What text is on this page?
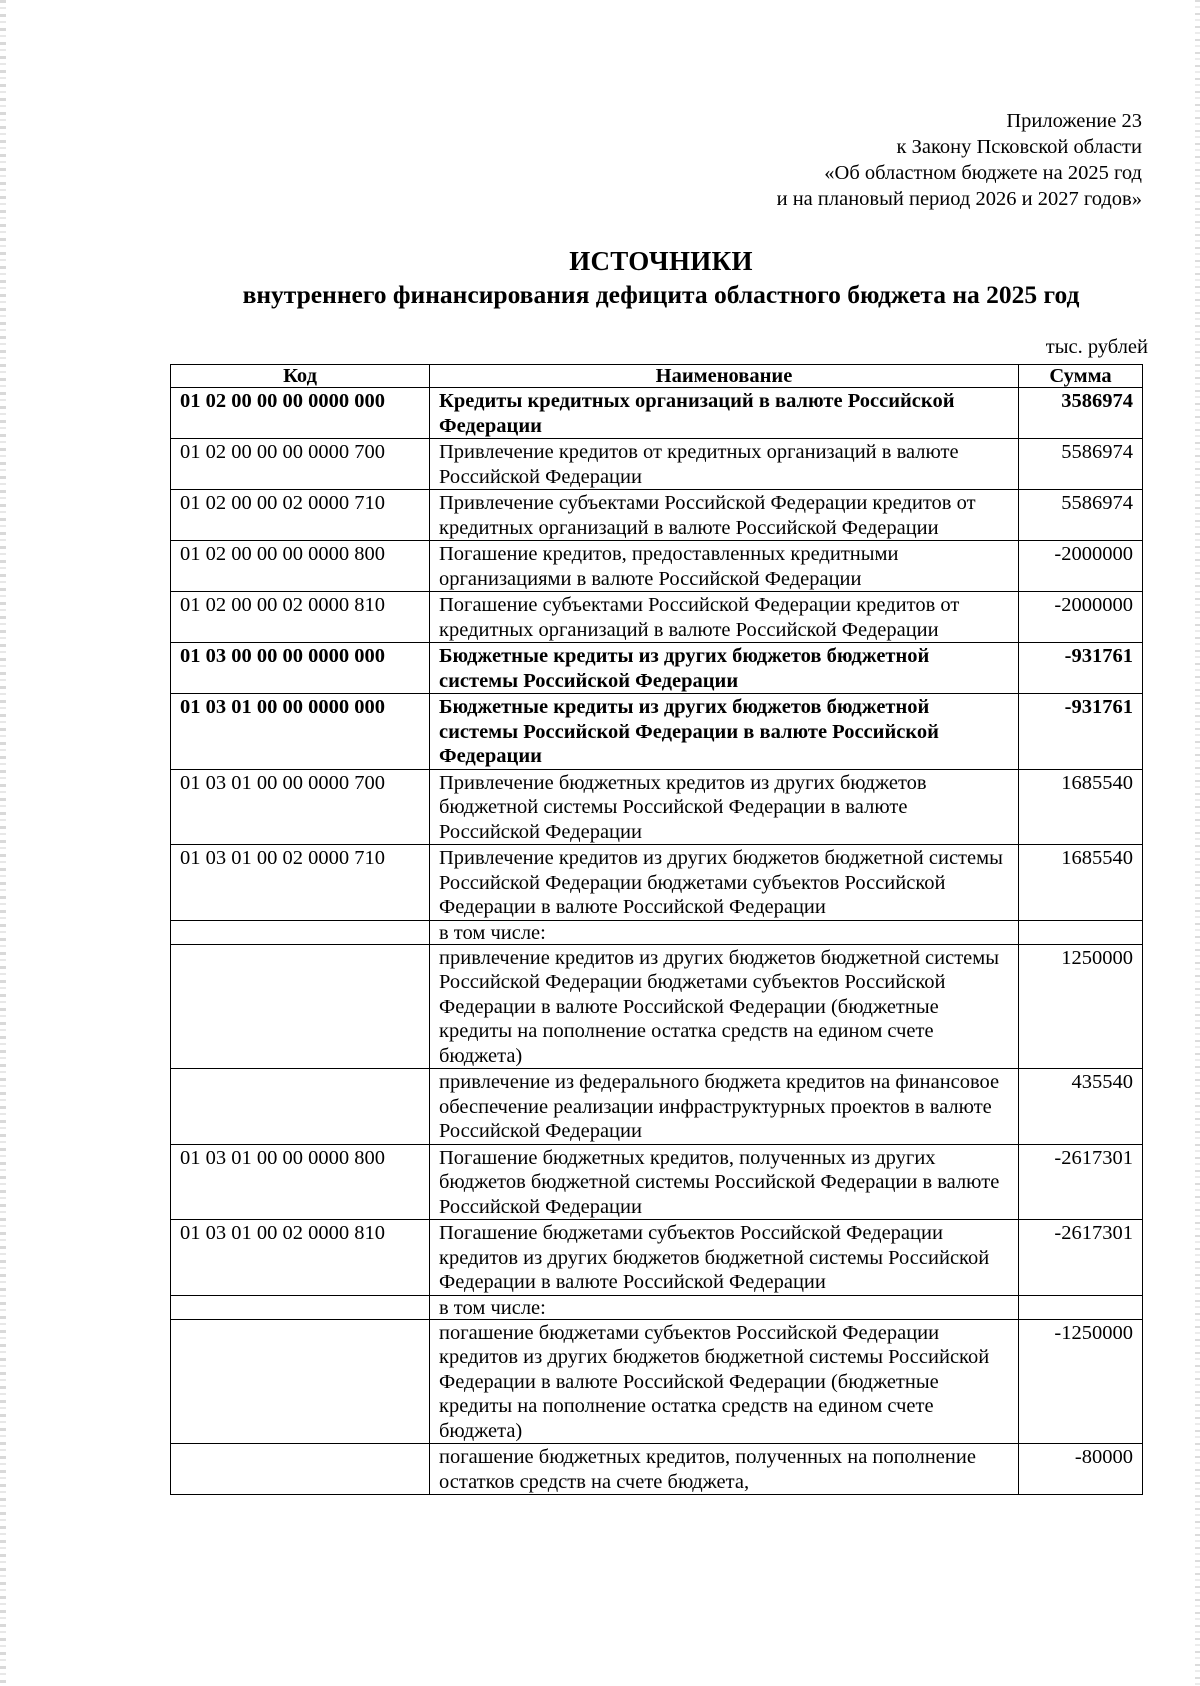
Приложение 23
к Закону Псковской области
«Об областном бюджете на 2025 год
и на плановый период 2026 и 2027 годов»
ИСТОЧНИКИ
внутреннего финансирования дефицита областного бюджета на 2025 год
тыс. рублей
Код	Наименование	Сумма
01 02 00 00 00 0000 000	Кредиты кредитных организаций в валюте Российской Федерации	3586974
01 02 00 00 00 0000 700	Привлечение кредитов от кредитных организаций в валюте Российской Федерации	5586974
01 02 00 00 02 0000 710	Привлечение субъектами Российской Федерации кредитов от кредитных организаций в валюте Российской Федерации	5586974
01 02 00 00 00 0000 800	Погашение кредитов, предоставленных кредитными организациями в валюте Российской Федерации	-2000000
01 02 00 00 02 0000 810	Погашение субъектами Российской Федерации кредитов от кредитных организаций в валюте Российской Федерации	-2000000
01 03 00 00 00 0000 000	Бюджетные кредиты из других бюджетов бюджетной системы Российской Федерации	-931761
01 03 01 00 00 0000 000	Бюджетные кредиты из других бюджетов бюджетной системы Российской Федерации в валюте Российской Федерации	-931761
01 03 01 00 00 0000 700	Привлечение бюджетных кредитов из других бюджетов бюджетной системы Российской Федерации в валюте Российской Федерации	1685540
01 03 01 00 02 0000 710	Привлечение кредитов из других бюджетов бюджетной системы Российской Федерации бюджетами субъектов Российской Федерации в валюте Российской Федерации	1685540
	в том числе:	
	привлечение кредитов из других бюджетов бюджетной системы Российской Федерации бюджетами субъектов Российской Федерации в валюте Российской Федерации (бюджетные кредиты на пополнение остатка средств на едином счете бюджета)	1250000
	привлечение из федерального бюджета кредитов на финансовое обеспечение реализации инфраструктурных проектов в валюте Российской Федерации	435540
01 03 01 00 00 0000 800	Погашение бюджетных кредитов, полученных из других бюджетов бюджетной системы Российской Федерации в валюте Российской Федерации	-2617301
01 03 01 00 02 0000 810	Погашение бюджетами субъектов Российской Федерации кредитов из других бюджетов бюджетной системы Российской Федерации в валюте Российской Федерации	-2617301
	в том числе:	
	погашение бюджетами субъектов Российской Федерации кредитов из других бюджетов бюджетной системы Российской Федерации в валюте Российской Федерации (бюджетные кредиты на пополнение остатка средств на едином счете бюджета)	-1250000
	погашение бюджетных кредитов, полученных на пополнение остатков средств на счете бюджета,	-80000
